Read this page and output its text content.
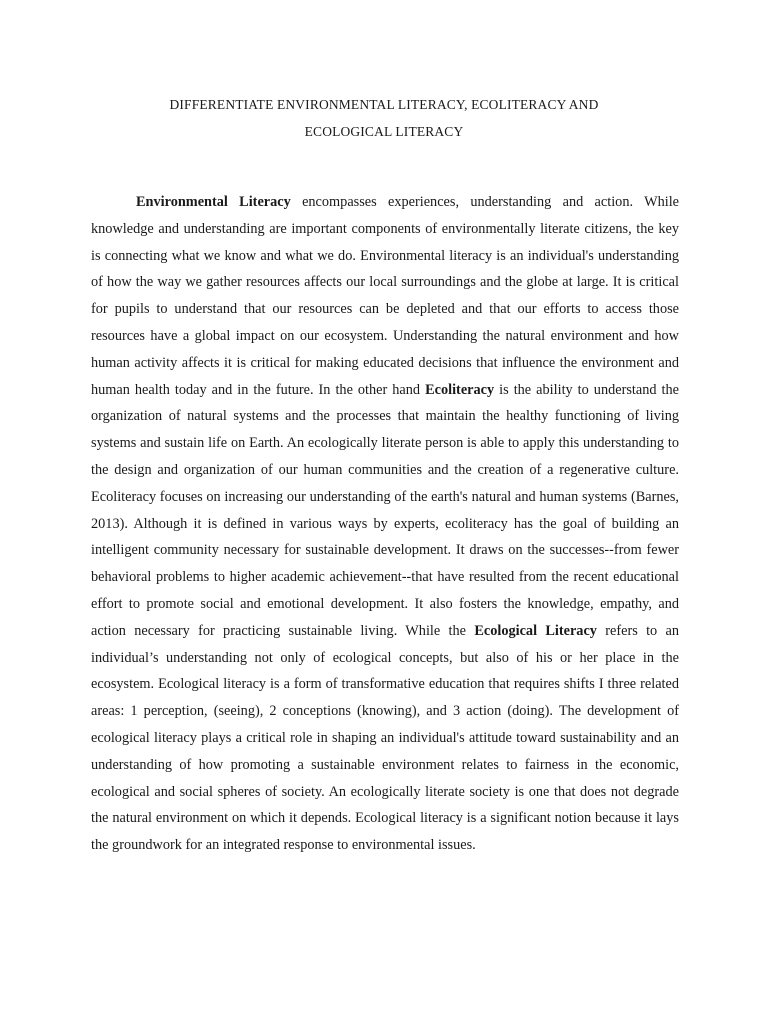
DIFFERENTIATE ENVIRONMENTAL LITERACY, ECOLITERACY AND
ECOLOGICAL LITERACY

Environmental Literacy encompasses experiences, understanding and action. While knowledge and understanding are important components of environmentally literate citizens, the key is connecting what we know and what we do. Environmental literacy is an individual's understanding of how the way we gather resources affects our local surroundings and the globe at large. It is critical for pupils to understand that our resources can be depleted and that our efforts to access those resources have a global impact on our ecosystem. Understanding the natural environment and how human activity affects it is critical for making educated decisions that influence the environment and human health today and in the future. In the other hand Ecoliteracy is the ability to understand the organization of natural systems and the processes that maintain the healthy functioning of living systems and sustain life on Earth. An ecologically literate person is able to apply this understanding to the design and organization of our human communities and the creation of a regenerative culture. Ecoliteracy focuses on increasing our understanding of the earth's natural and human systems (Barnes, 2013). Although it is defined in various ways by experts, ecoliteracy has the goal of building an intelligent community necessary for sustainable development. It draws on the successes--from fewer behavioral problems to higher academic achievement--that have resulted from the recent educational effort to promote social and emotional development. It also fosters the knowledge, empathy, and action necessary for practicing sustainable living. While the Ecological Literacy refers to an individual’s understanding not only of ecological concepts, but also of his or her place in the ecosystem. Ecological literacy is a form of transformative education that requires shifts I three related areas: 1 perception, (seeing), 2 conceptions (knowing), and 3 action (doing). The development of ecological literacy plays a critical role in shaping an individual's attitude toward sustainability and an understanding of how promoting a sustainable environment relates to fairness in the economic, ecological and social spheres of society. An ecologically literate society is one that does not degrade the natural environment on which it depends. Ecological literacy is a significant notion because it lays the groundwork for an integrated response to environmental issues.
